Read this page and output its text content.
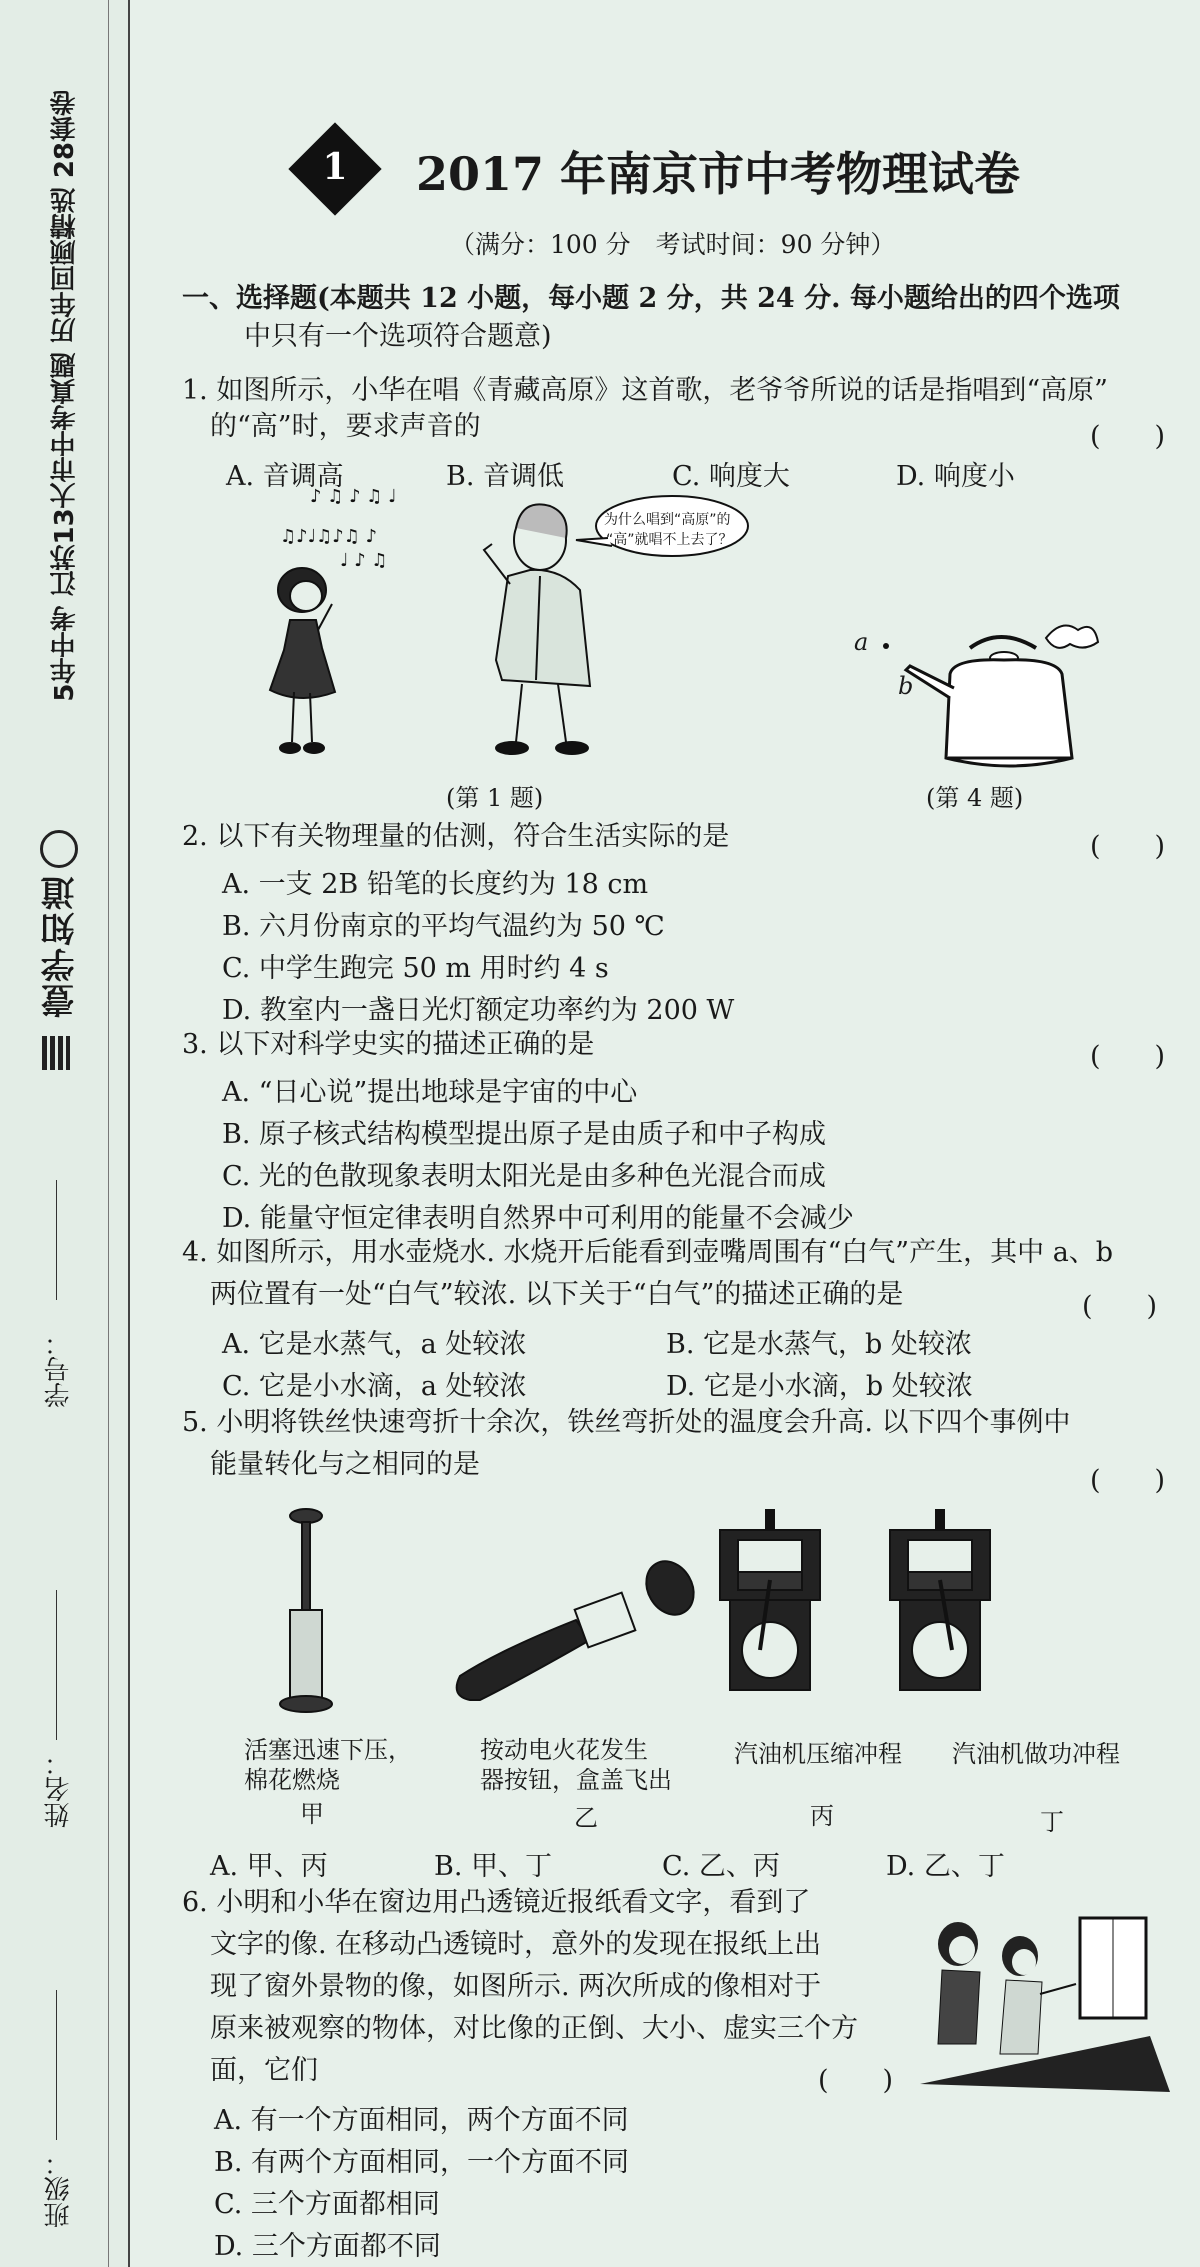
5年中考 江苏13大市中考真题 历年回顾精选 28套卷
壹学知道
学号：
姓名：
班级：
1	2017 年南京市中考物理试卷
（满分：100 分　考试时间：90 分钟）
一、选择题(本题共 12 小题，每小题 2 分，共 24 分. 每小题给出的四个选项
中只有一个选项符合题意)
1. 如图所示，小华在唱《青藏高原》这首歌，老爷爷所说的话是指唱到“高原”
的“高”时，要求声音的	(　　)
A. 音调高	B. 音调低	C. 响度大	D. 响度小
♪ ♫ ♪ ♫ ♩
♫♪♩♫♪♫ ♪
♩ ♪ ♫
为什么唱到“高原”的
“高”就唱不上去了？
(第 1 题)
a
b
(第 4 题)
2. 以下有关物理量的估测，符合生活实际的是	(　　)
A. 一支 2B 铅笔的长度约为 18 cm
B. 六月份南京的平均气温约为 50 ℃
C. 中学生跑完 50 m 用时约 4 s
D. 教室内一盏日光灯额定功率约为 200 W
3. 以下对科学史实的描述正确的是	(　　)
A. “日心说”提出地球是宇宙的中心
B. 原子核式结构模型提出原子是由质子和中子构成
C. 光的色散现象表明太阳光是由多种色光混合而成
D. 能量守恒定律表明自然界中可利用的能量不会减少
4. 如图所示，用水壶烧水. 水烧开后能看到壶嘴周围有“白气”产生，其中 a、b
两位置有一处“白气”较浓. 以下关于“白气”的描述正确的是	(　　)
A. 它是水蒸气，a 处较浓	B. 它是水蒸气，b 处较浓
C. 它是小水滴，a 处较浓	D. 它是小水滴，b 处较浓
5. 小明将铁丝快速弯折十余次，铁丝弯折处的温度会升高. 以下四个事例中
能量转化与之相同的是
(　　)
活塞迅速下压，
棉花燃烧
甲
按动电火花发生
器按钮，盒盖飞出
乙
汽油机压缩冲程
丙
汽油机做功冲程
丁
A. 甲、丙	B. 甲、丁	C. 乙、丙	D. 乙、丁
6. 小明和小华在窗边用凸透镜近报纸看文字，看到了
文字的像. 在移动凸透镜时，意外的发现在报纸上出
现了窗外景物的像，如图所示. 两次所成的像相对于
原来被观察的物体，对比像的正倒、大小、虚实三个方
面，它们	(　　)
A. 有一个方面相同，两个方面不同
B. 有两个方面相同，一个方面不同
C. 三个方面都相同
D. 三个方面都不同
